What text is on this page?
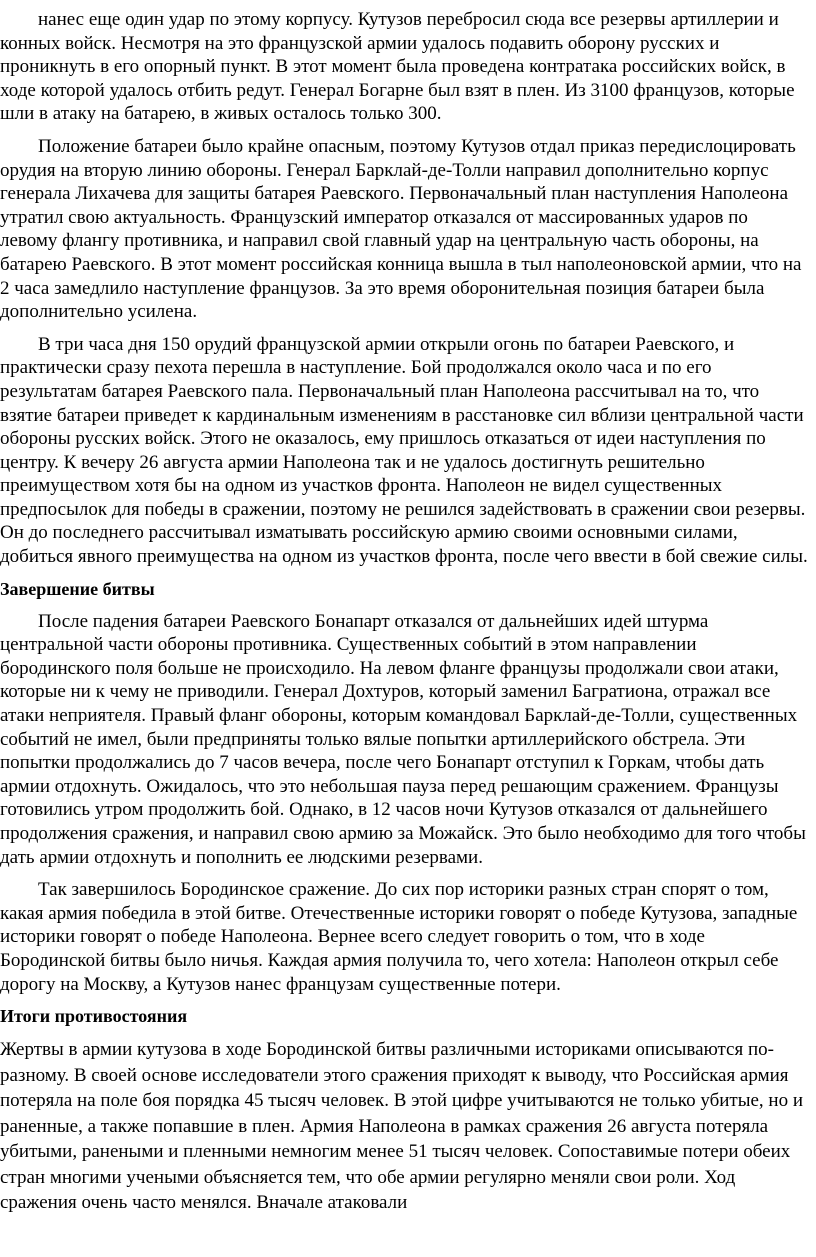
нанес еще один удар по этому корпусу. Кутузов перебросил сюда все резервы артиллерии и конных войск. Несмотря на это французской армии удалось подавить оборону русских и проникнуть в его опорный пункт. В этот момент была проведена контратака российских войск, в ходе которой удалось отбить редут. Генерал Богарне был взят в плен. Из 3100 французов, которые шли в атаку на батарею, в живых осталось только 300.

Положение батареи было крайне опасным, поэтому Кутузов отдал приказ передислоцировать орудия на вторую линию обороны. Генерал Барклай-де-Толли направил дополнительно корпус генерала Лихачева для защиты батарея Раевского. Первоначальный план наступления Наполеона утратил свою актуальность. Французский император отказался от массированных ударов по левому флангу противника, и направил свой главный удар на центральную часть обороны, на батарею Раевского. В этот момент российская конница вышла в тыл наполеоновской армии, что на 2 часа замедлило наступление французов. За это время оборонительная позиция батареи была дополнительно усилена.

В три часа дня 150 орудий французской армии открыли огонь по батареи Раевского, и практически сразу пехота перешла в наступление. Бой продолжался около часа и по его результатам батарея Раевского пала. Первоначальный план Наполеона рассчитывал на то, что взятие батареи приведет к кардинальным изменениям в расстановке сил вблизи центральной части обороны русских войск. Этого не оказалось, ему пришлось отказаться от идеи наступления по центру. К вечеру 26 августа армии Наполеона так и не удалось достигнуть решительно преимуществом хотя бы на одном из участков фронта. Наполеон не видел существенных предпосылок для победы в сражении, поэтому не решился задействовать в сражении свои резервы. Он до последнего рассчитывал изматывать российскую армию своими основными силами, добиться явного преимущества на одном из участков фронта, после чего ввести в бой свежие силы.

Завершение битвы

После падения батареи Раевского Бонапарт отказался от дальнейших идей штурма центральной части обороны противника. Существенных событий в этом направлении бородинского поля больше не происходило. На левом фланге французы продолжали свои атаки, которые ни к чему не приводили. Генерал Дохтуров, который заменил Багратиона, отражал все атаки неприятеля. Правый фланг обороны, которым командовал Барклай-де-Толли, существенных событий не имел, были предприняты только вялые попытки артиллерийского обстрела. Эти попытки продолжались до 7 часов вечера, после чего Бонапарт отступил к Горкам, чтобы дать армии отдохнуть. Ожидалось, что это небольшая пауза перед решающим сражением. Французы готовились утром продолжить бой. Однако, в 12 часов ночи Кутузов отказался от дальнейшего продолжения сражения, и направил свою армию за Можайск. Это было необходимо для того чтобы дать армии отдохнуть и пополнить ее людскими резервами.

Так завершилось Бородинское сражение. До сих пор историки разных стран спорят о том, какая армия победила в этой битве. Отечественные историки говорят о победе Кутузова, западные историки говорят о победе Наполеона. Вернее всего следует говорить о том, что в ходе Бородинской битвы было ничья. Каждая армия получила то, чего хотела: Наполеон открыл себе дорогу на Москву, а Кутузов нанес французам существенные потери.

Итоги противостояния

Жертвы в армии кутузова в ходе Бородинской битвы различными историками описываются по-разному. В своей основе исследователи этого сражения приходят к выводу, что Российская армия потеряла на поле боя порядка 45 тысяч человек. В этой цифре учитываются не только убитые, но и раненные, а также попавшие в плен. Армия Наполеона в рамках сражения 26 августа потеряла убитыми, ранеными и пленными немногим менее 51 тысяч человек. Сопоставимые потери обеих стран многими учеными объясняется тем, что обе армии регулярно меняли свои роли. Ход сражения очень часто менялся. Вначале атаковали
